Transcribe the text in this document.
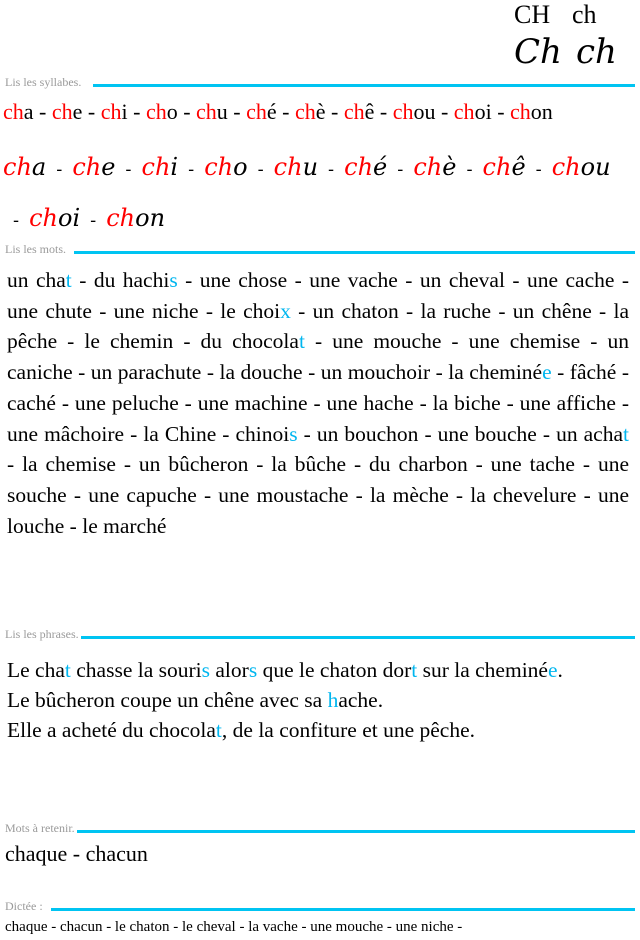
CH ch
Ch ch
Lis les syllabes.
cha - che - chi - cho - chu - ché - chè - chê - chou - choi - chon
cha - che - chi - cho - chu - ché - chè - chê - chou- choi - chon
Lis les mots.
un chat - du hachis - une chose - une vache - un cheval - une cache - une chute - une niche - le choix - un chaton - la ruche - un chêne - la pêche - le chemin - du chocolat - une mouche - une chemise - un caniche - un parachute - la douche - un mouchoir - la cheminée - fâché - caché - une peluche - une machine - une hache - la biche - une affiche - une mâchoire - la Chine - chinois - un bouchon - une bouche - un achat - la chemise - un bûcheron - la bûche - du charbon - une tache - une souche - une capuche - une moustache - la mèche - la chevelure - une louche - le marché
Lis les phrases.

Le chat chasse la souris alors que le chaton dort sur la cheminée.

Le bûcheron coupe un chêne avec sa hache.

Elle a acheté du chocolat, de la confiture et une pêche.

Mots à retenir.
chaque - chacun
Dictée :
chaque - chacun - le chaton - le cheval - la vache - une mouche - une niche -
